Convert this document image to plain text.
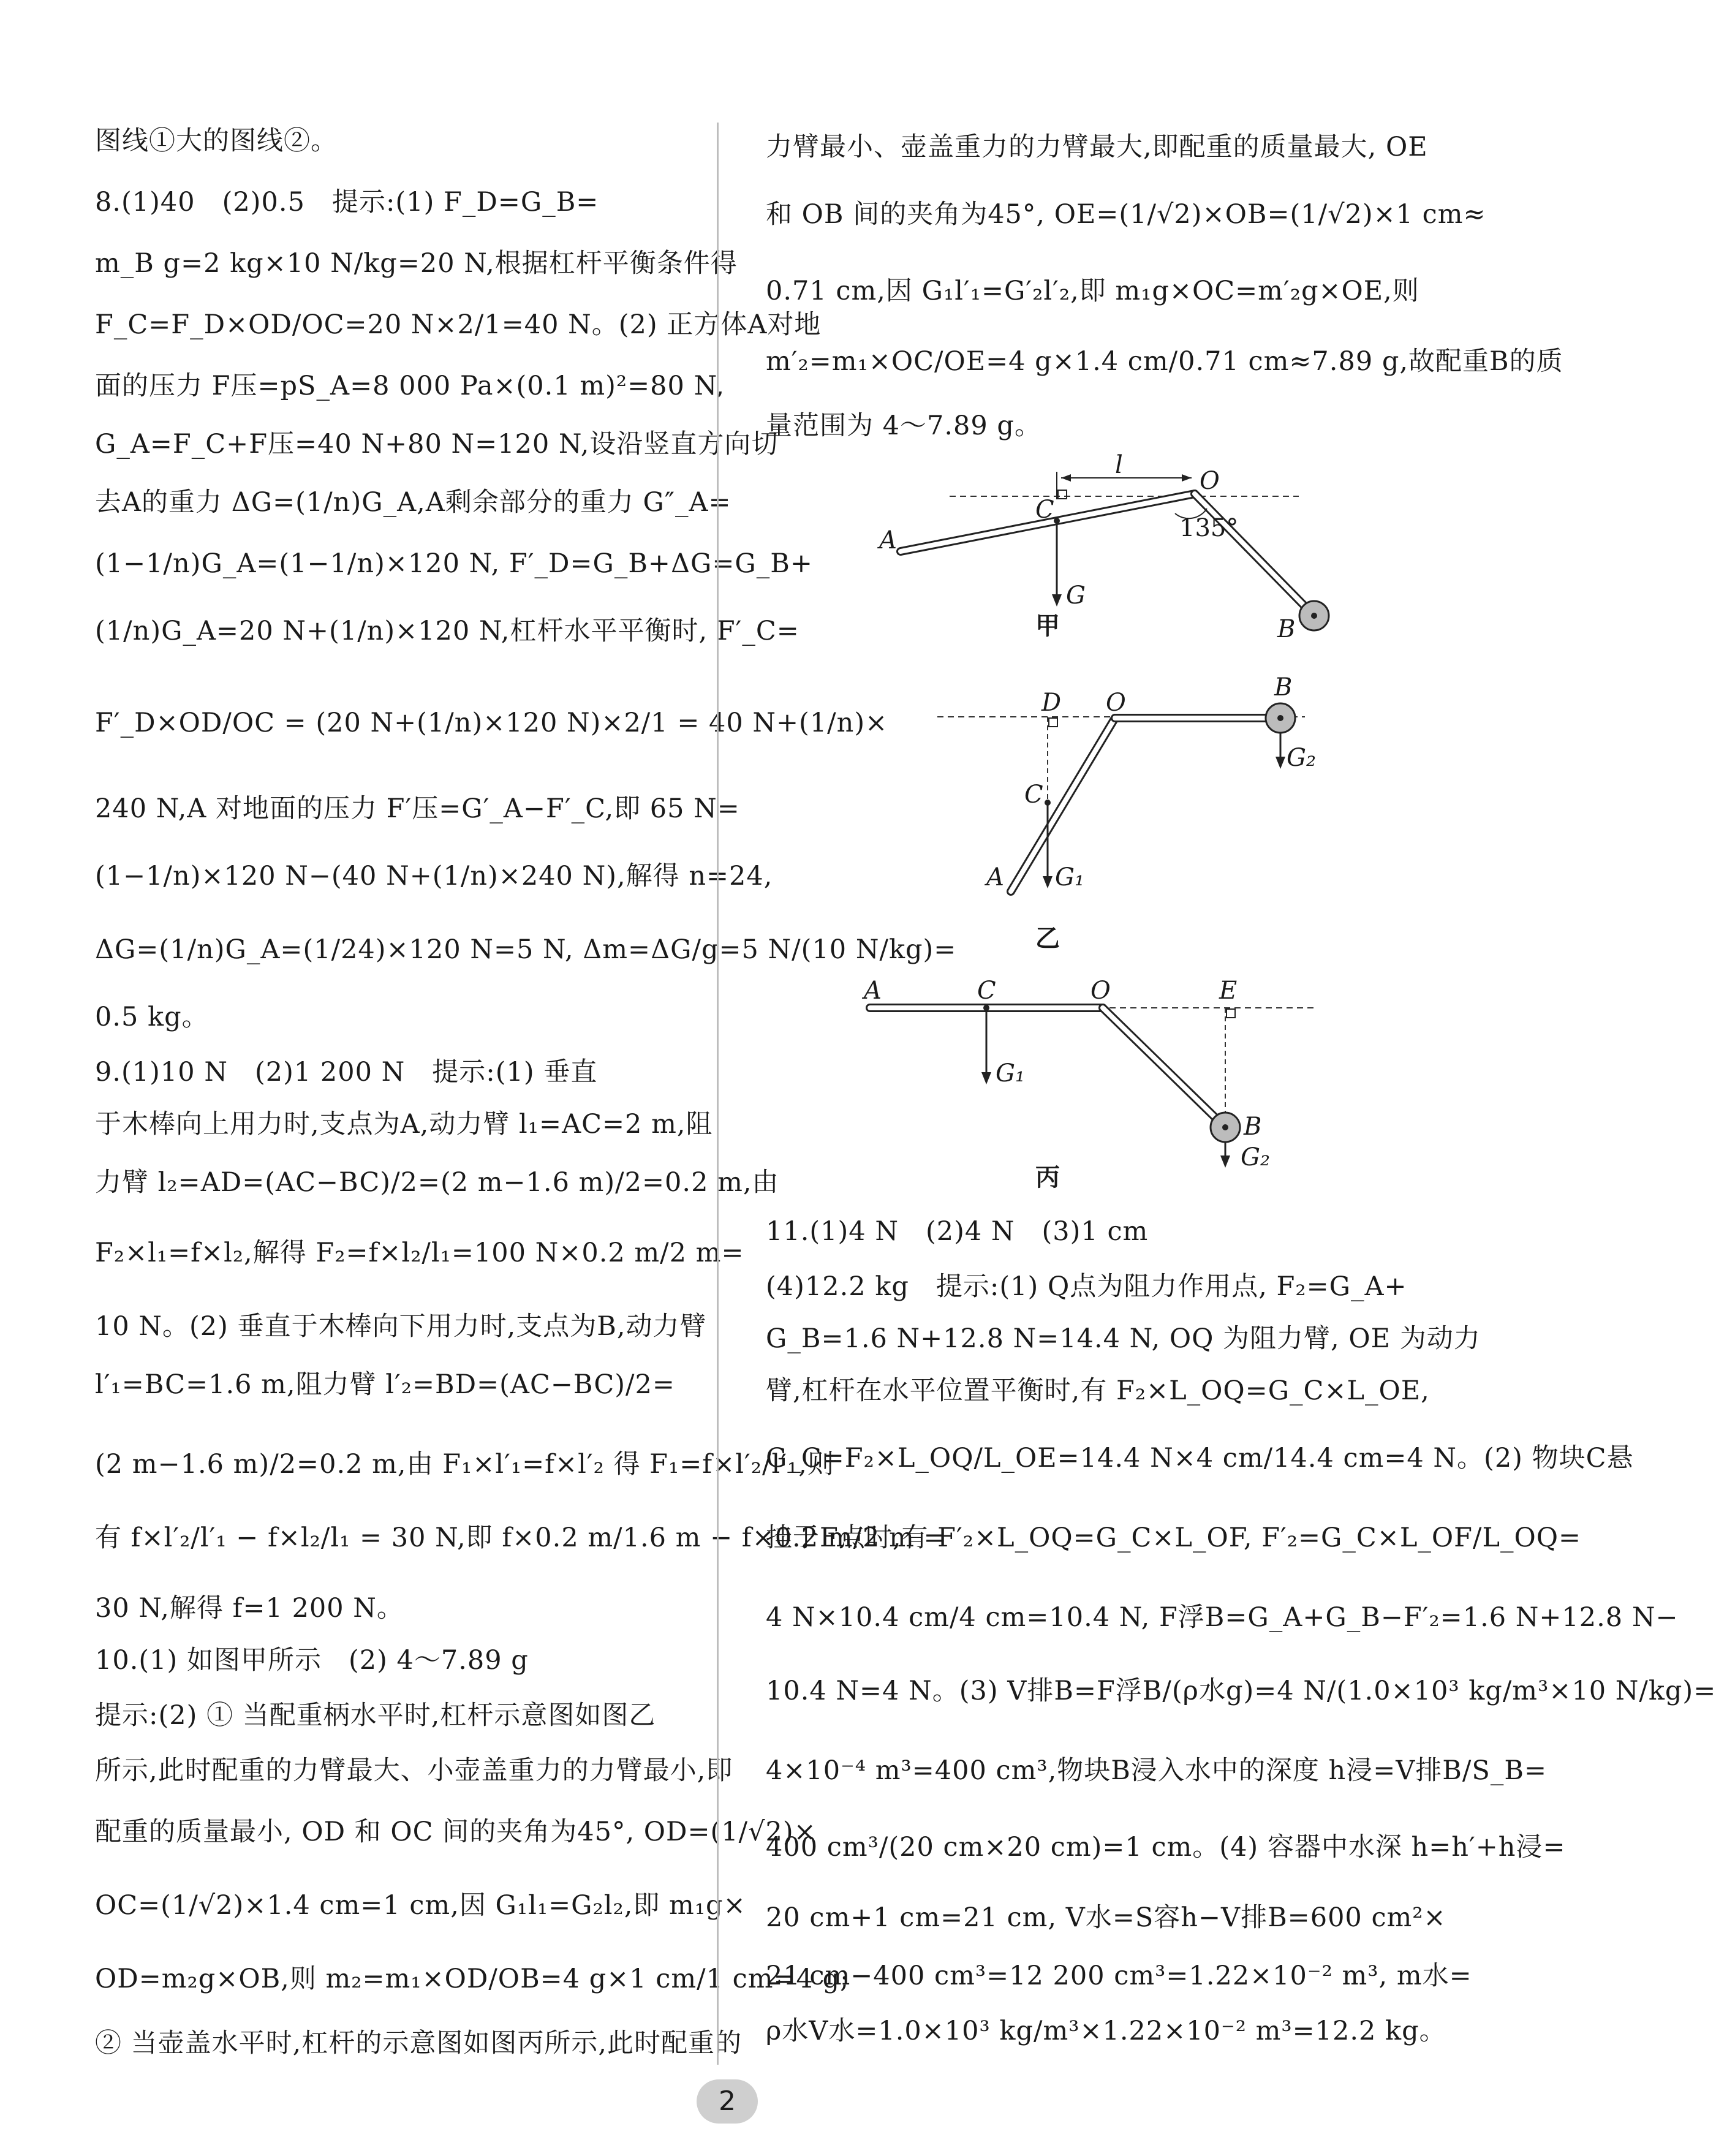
图线①大的图线②。
8.(1)40　(2)0.5　提示:(1) F_D=G_B=
m_B g=2 kg×10 N/kg=20 N,根据杠杆平衡条件得
F_C=F_D×OD/OC=20 N×2/1=40 N。(2) 正方体A对地
面的压力 F压=pS_A=8 000 Pa×(0.1 m)²=80 N,
G_A=F_C+F压=40 N+80 N=120 N,设沿竖直方向切
去A的重力 ΔG=(1/n)G_A,A剩余部分的重力 G″_A=
(1−1/n)G_A=(1−1/n)×120 N, F′_D=G_B+ΔG=G_B+
(1/n)G_A=20 N+(1/n)×120 N,杠杆水平平衡时, F′_C=
F′_D×OD/OC = (20 N+(1/n)×120 N)×2/1 = 40 N+(1/n)×
240 N,A 对地面的压力 F′压=G′_A−F′_C,即 65 N=
(1−1/n)×120 N−(40 N+(1/n)×240 N),解得 n=24,
ΔG=(1/n)G_A=(1/24)×120 N=5 N, Δm=ΔG/g=5 N/(10 N/kg)=
0.5 kg。
9.(1)10 N　(2)1 200 N　提示:(1) 垂直
于木棒向上用力时,支点为A,动力臂 l₁=AC=2 m,阻
力臂 l₂=AD=(AC−BC)/2=(2 m−1.6 m)/2=0.2 m,由
F₂×l₁=f×l₂,解得 F₂=f×l₂/l₁=100 N×0.2 m/2 m=
10 N。(2) 垂直于木棒向下用力时,支点为B,动力臂
l′₁=BC=1.6 m,阻力臂 l′₂=BD=(AC−BC)/2=
(2 m−1.6 m)/2=0.2 m,由 F₁×l′₁=f×l′₂ 得 F₁=f×l′₂/l′₁,则
有 f×l′₂/l′₁ − f×l₂/l₁ = 30 N,即 f×0.2 m/1.6 m − f×0.2 m/2 m =
30 N,解得 f=1 200 N。
10.(1) 如图甲所示　(2) 4～7.89 g
提示:(2) ① 当配重柄水平时,杠杆示意图如图乙
所示,此时配重的力臂最大、小壶盖重力的力臂最小,即
配重的质量最小, OD 和 OC 间的夹角为45°, OD=(1/√2)×
OC=(1/√2)×1.4 cm=1 cm,因 G₁l₁=G₂l₂,即 m₁g×
OD=m₂g×OB,则 m₂=m₁×OD/OB=4 g×1 cm/1 cm=4 g;
② 当壶盖水平时,杠杆的示意图如图丙所示,此时配重的
力臂最小、壶盖重力的力臂最大,即配重的质量最大, OE
和 OB 间的夹角为45°, OE=(1/√2)×OB=(1/√2)×1 cm≈
0.71 cm,因 G₁l′₁=G′₂l′₂,即 m₁g×OC=m′₂g×OE,则
m′₂=m₁×OC/OE=4 g×1.4 cm/0.71 cm≈7.89 g,故配重B的质
量范围为 4～7.89 g。
l
O
C
A
B
G
135°
甲
D O
B
C
A G₁
G₂
乙
A	C	O	E
B
G₁
G₂
丙
11.(1)4 N　(2)4 N　(3)1 cm
(4)12.2 kg　提示:(1) Q点为阻力作用点, F₂=G_A+
G_B=1.6 N+12.8 N=14.4 N, OQ 为阻力臂, OE 为动力
臂,杠杆在水平位置平衡时,有 F₂×L_OQ=G_C×L_OE,
G_C=F₂×L_OQ/L_OE=14.4 N×4 cm/14.4 cm=4 N。(2) 物块C悬
挂于F点时,有 F′₂×L_OQ=G_C×L_OF, F′₂=G_C×L_OF/L_OQ=
4 N×10.4 cm/4 cm=10.4 N, F浮B=G_A+G_B−F′₂=1.6 N+12.8 N−
10.4 N=4 N。(3) V排B=F浮B/(ρ水g)=4 N/(1.0×10³ kg/m³×10 N/kg)=
4×10⁻⁴ m³=400 cm³,物块B浸入水中的深度 h浸=V排B/S_B=
400 cm³/(20 cm×20 cm)=1 cm。(4) 容器中水深 h=h′+h浸=
20 cm+1 cm=21 cm, V水=S容h−V排B=600 cm²×
21 cm−400 cm³=12 200 cm³=1.22×10⁻² m³, m水=
ρ水V水=1.0×10³ kg/m³×1.22×10⁻² m³=12.2 kg。
2
